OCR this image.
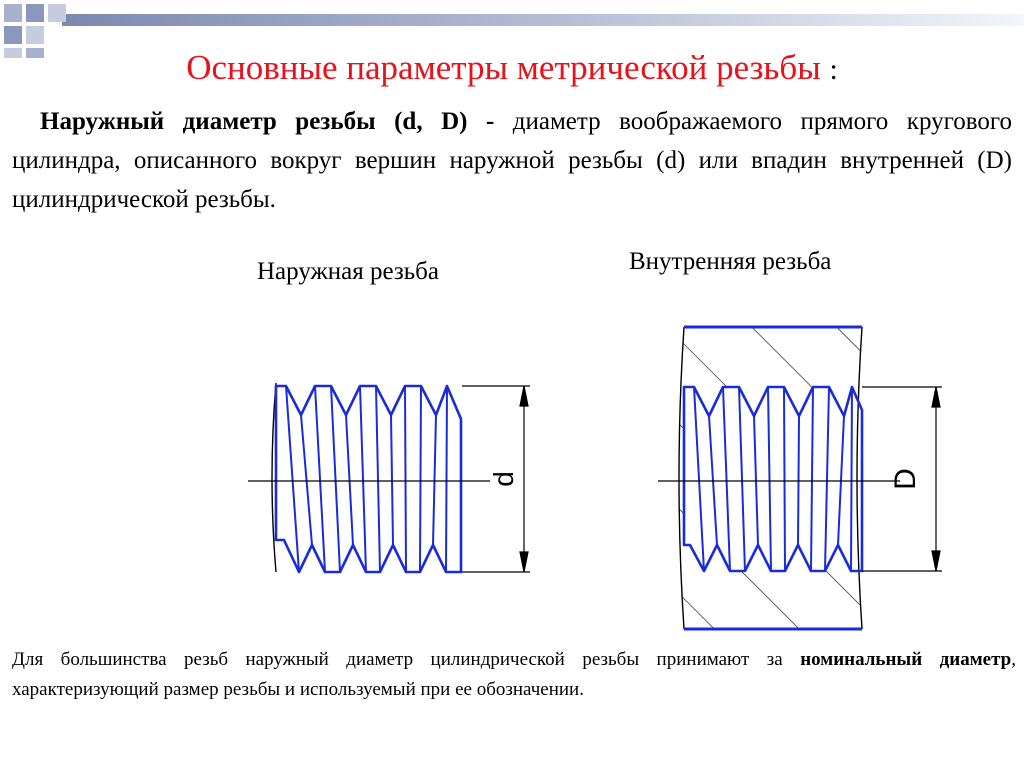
Основные параметры метрической резьбы :
Наружный диаметр резьбы (d, D) - диаметр воображаемого прямого кругового цилиндра, описанного вокруг вершин наружной резьбы (d) или впадин внутренней (D) цилиндрической резьбы.
Наружная резьба	Внутренняя резьба
d	D
Для большинства резьб наружный диаметр цилиндрической резьбы принимают за номинальный диаметр, характеризующий размер резьбы и используемый при ее обозначении.
